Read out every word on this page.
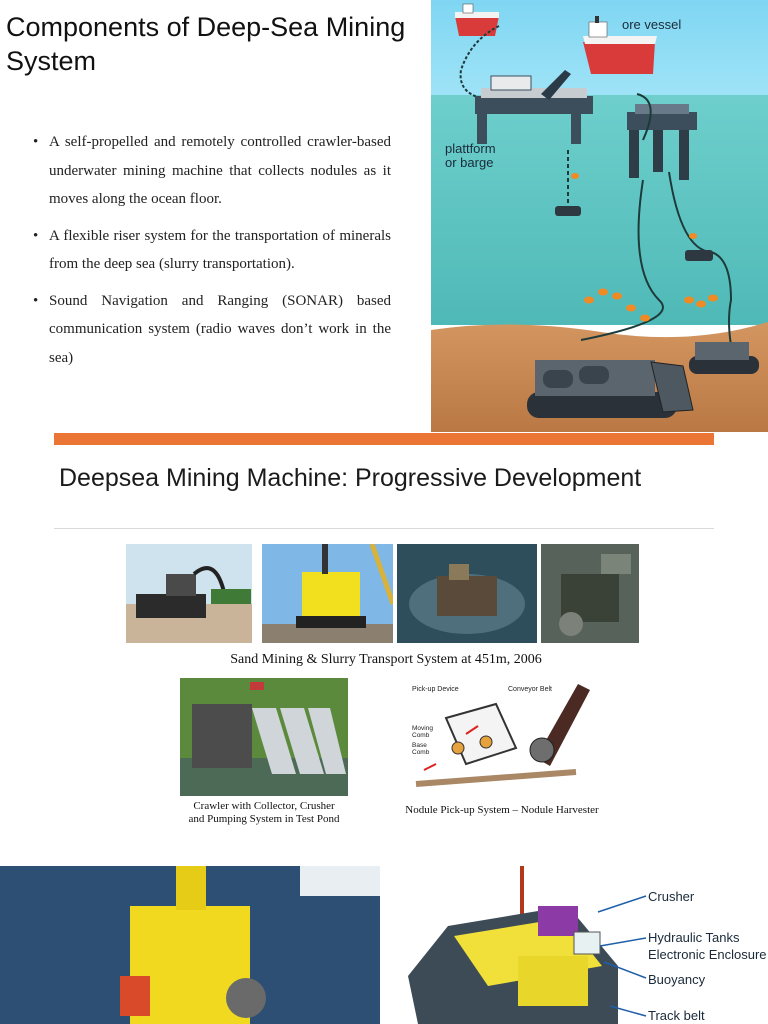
Components of Deep-Sea Mining System
• A self-propelled and remotely controlled crawler-based underwater mining machine that collects nodules as it moves along the ocean floor.
• A flexible riser system for the transportation of minerals from the deep sea (slurry transportation).
• Sound Navigation and Ranging (SONAR) based communication system (radio waves don’t work in the sea)
ore vessel
plattform
or barge
Deepsea Mining Machine: Progressive Development
Sand Mining & Slurry Transport System at 451m, 2006
Pick-up Device	Conveyor Belt
Moving
Comb
Base
Comb
Crawler with Collector, Crusher
and Pumping System in Test Pond
Nodule Pick-up System – Nodule Harvester
Crusher
Hydraulic Tanks
Electronic Enclosure
Buoyancy
Track belt
